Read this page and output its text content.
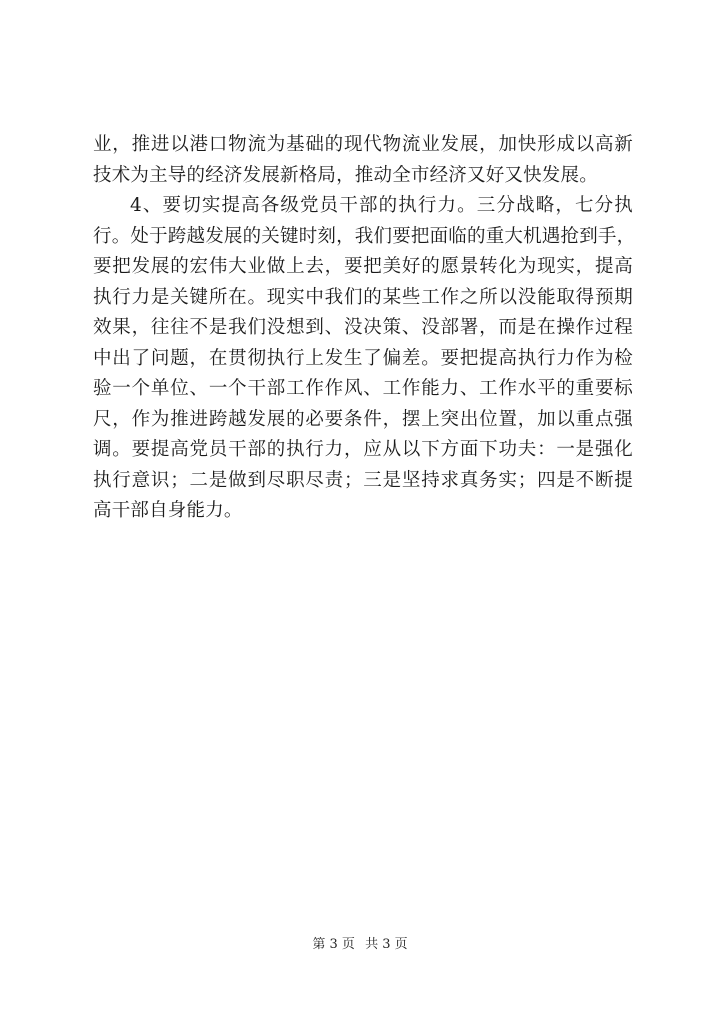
业，推进以港口物流为基础的现代物流业发展，加快形成以高新
技术为主导的经济发展新格局，推动全市经济又好又快发展。
4、要切实提高各级党员干部的执行力。三分战略，七分执
行。处于跨越发展的关键时刻，我们要把面临的重大机遇抢到手，
要把发展的宏伟大业做上去，要把美好的愿景转化为现实，提高
执行力是关键所在。现实中我们的某些工作之所以没能取得预期
效果，往往不是我们没想到、没决策、没部署，而是在操作过程
中出了问题，在贯彻执行上发生了偏差。要把提高执行力作为检
验一个单位、一个干部工作作风、工作能力、工作水平的重要标
尺，作为推进跨越发展的必要条件，摆上突出位置，加以重点强
调。要提高党员干部的执行力，应从以下方面下功夫：一是强化
执行意识；二是做到尽职尽责；三是坚持求真务实；四是不断提
高干部自身能力。
第 3 页 共 3 页
